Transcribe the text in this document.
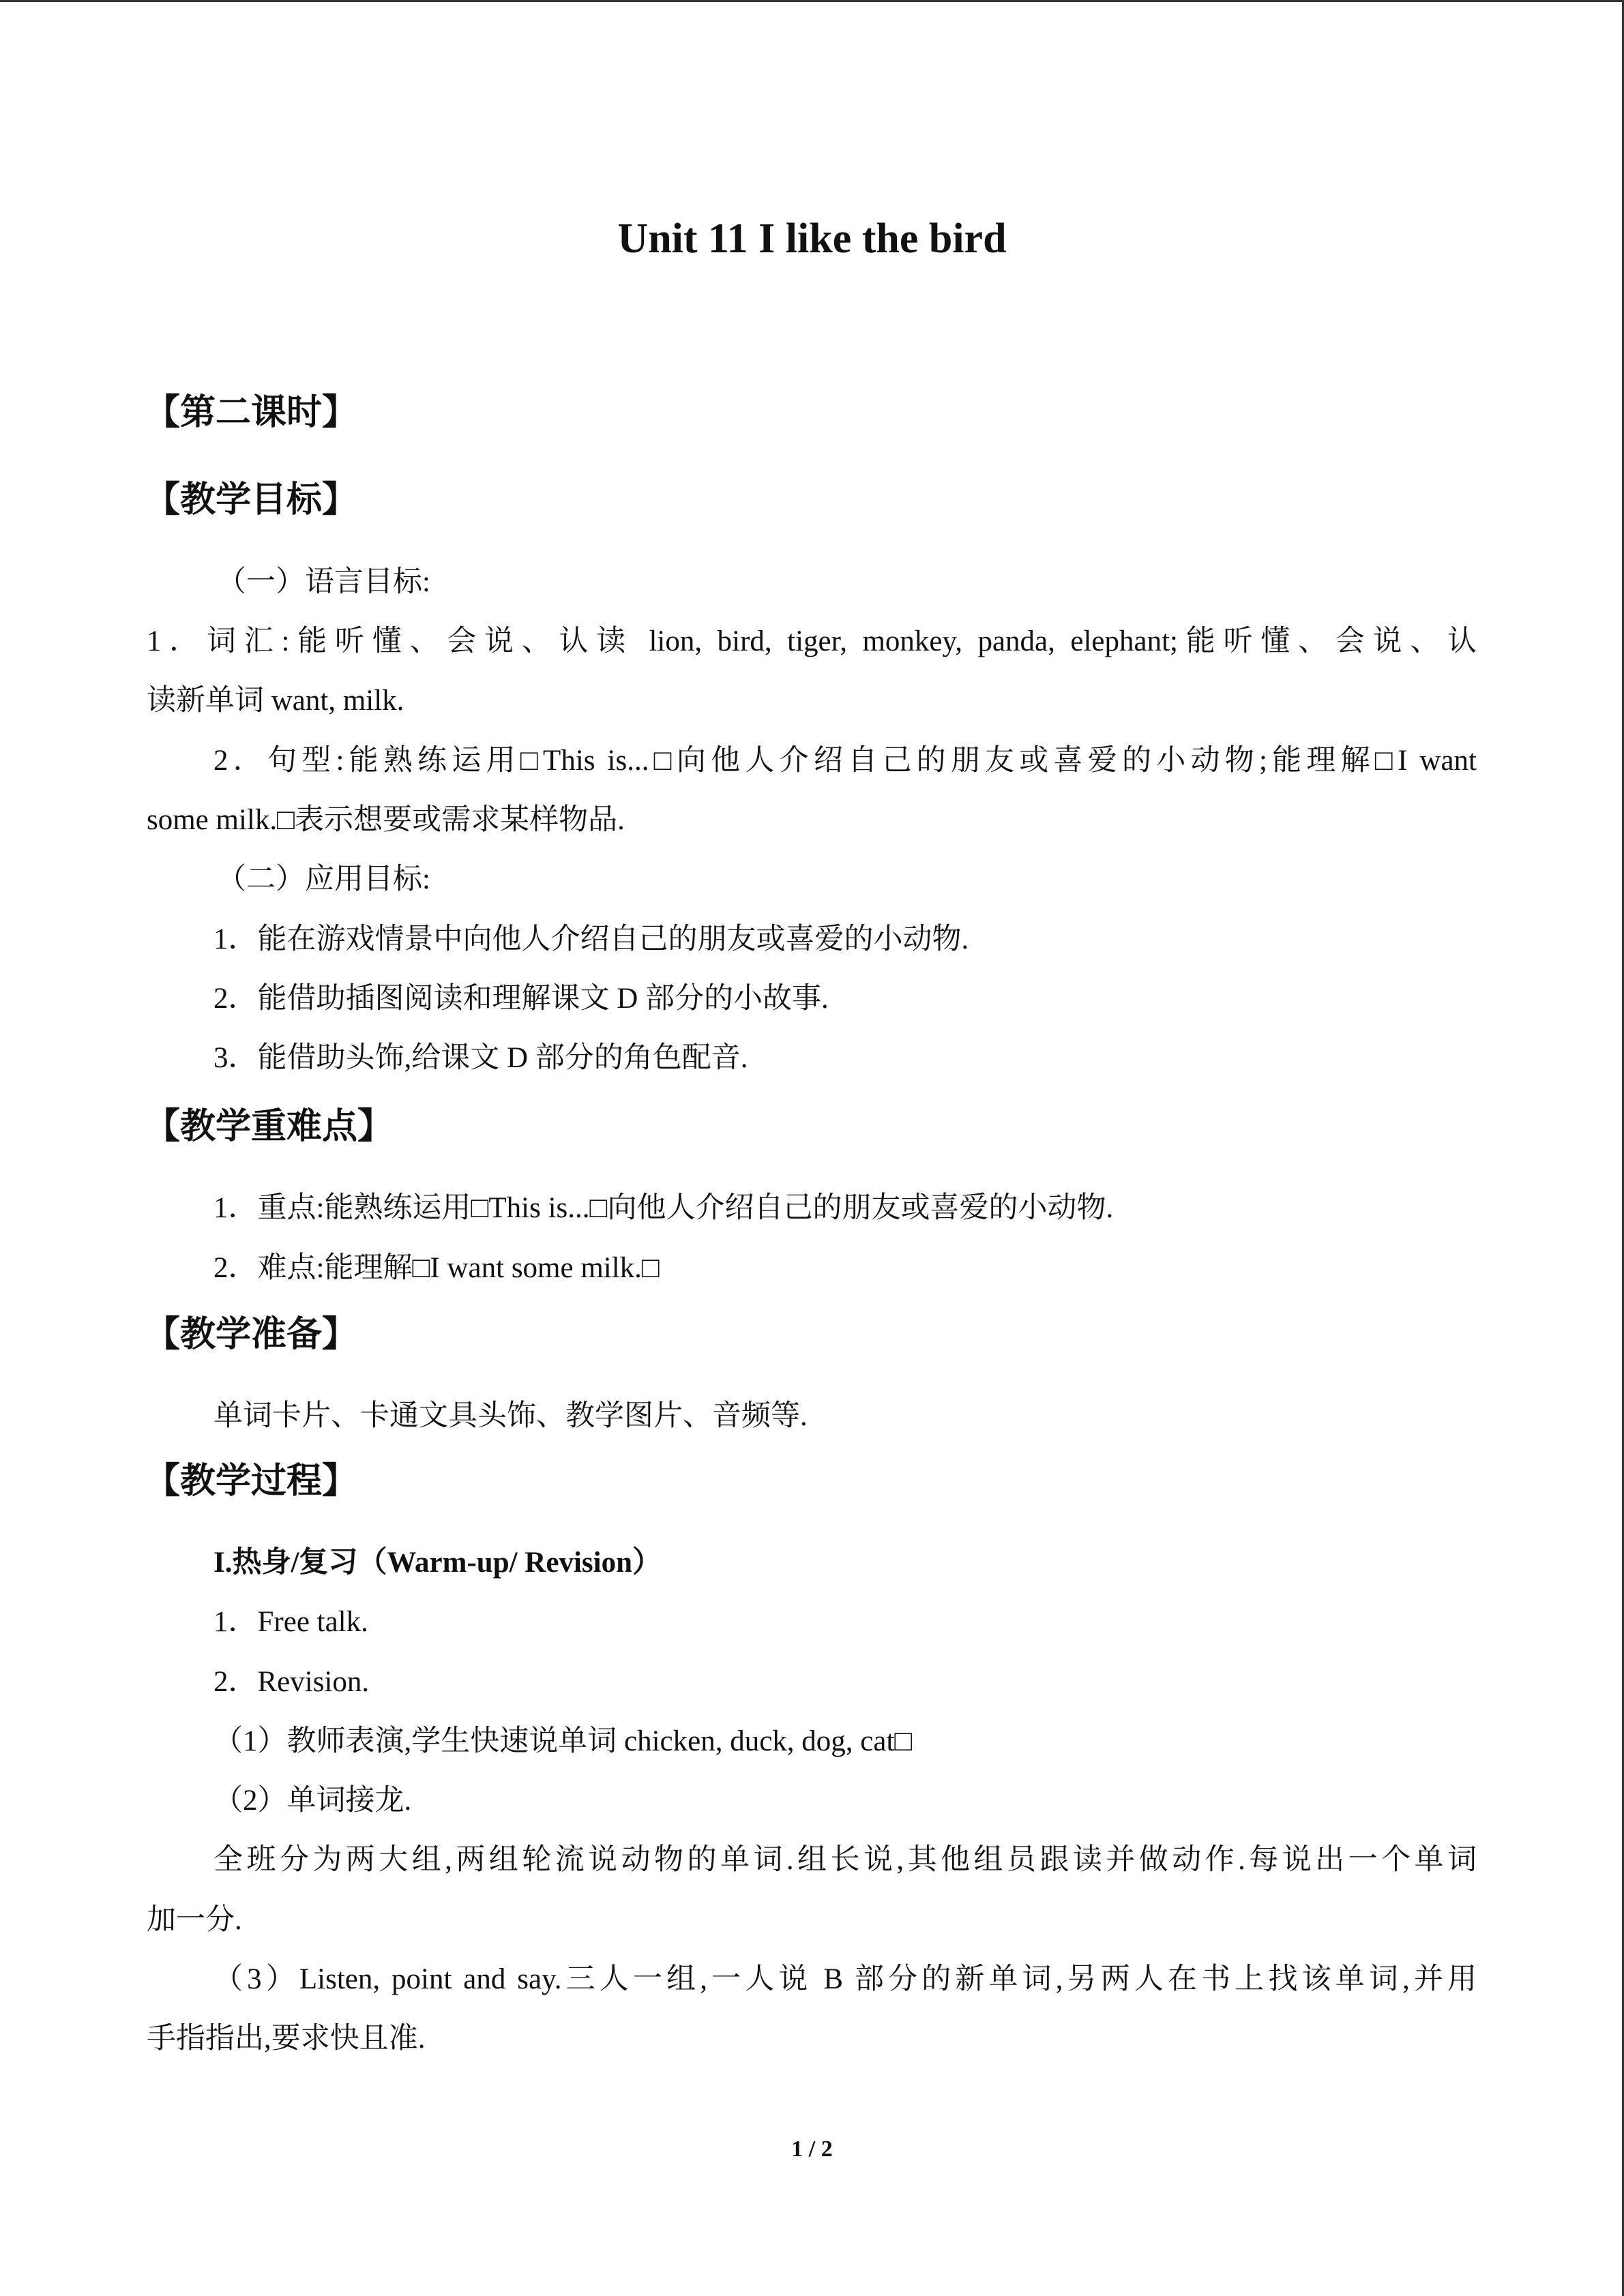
Unit 11 I like the bird
【第二课时】
【教学目标】
（一）语言目标:
1．词汇:能听懂、会说、认读 lion, bird, tiger, monkey, panda, elephant;能听懂、会说、认
读新单词 want, milk.
2．句型:能熟练运用□This is...□向他人介绍自己的朋友或喜爱的小动物;能理解□I want
some milk.□表示想要或需求某样物品.
（二）应用目标:
1．能在游戏情景中向他人介绍自己的朋友或喜爱的小动物.
2．能借助插图阅读和理解课文 D 部分的小故事.
3．能借助头饰,给课文 D 部分的角色配音.
【教学重难点】
1．重点:能熟练运用□This is...□向他人介绍自己的朋友或喜爱的小动物.
2．难点:能理解□I want some milk.□
【教学准备】
单词卡片、卡通文具头饰、教学图片、音频等.
【教学过程】
I.热身/复习（Warm-up/ Revision）
1．Free talk.
2．Revision.
（1）教师表演,学生快速说单词 chicken, duck, dog, cat□
（2）单词接龙.
全班分为两大组,两组轮流说动物的单词.组长说,其他组员跟读并做动作.每说出一个单词
加一分.
（3）Listen, point and say.三人一组,一人说 B 部分的新单词,另两人在书上找该单词,并用
手指指出,要求快且准.
1 / 2
